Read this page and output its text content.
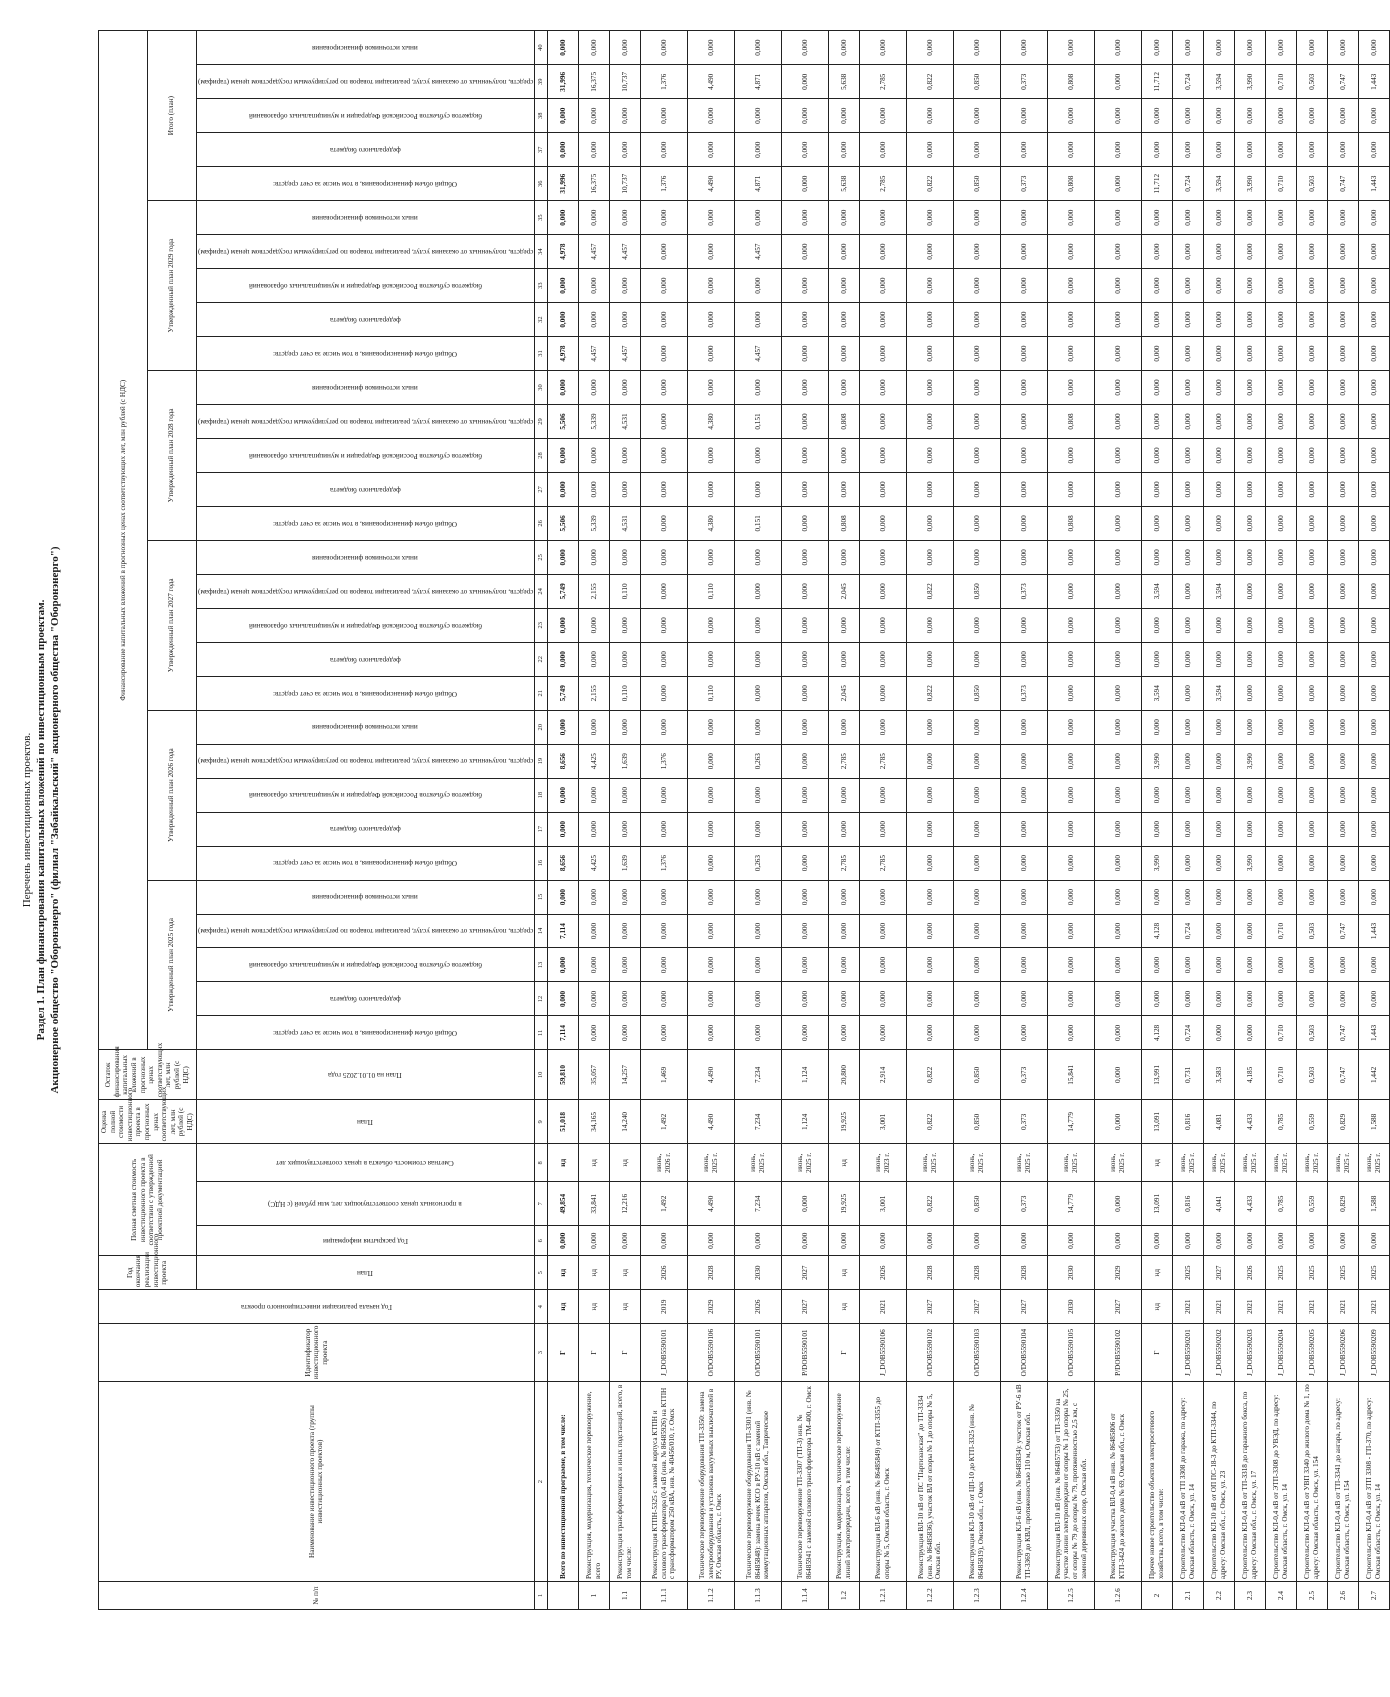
Перечень инвестиционных проектов. Раздел 1. План финансирования капитальных вложений по инвестиционным проектам. Акционерное общество "Оборонэнерго" (филиал "Забайкальский" акционерного общества "Оборонэнерго")
№ п/п	Наименование инвестиционного проекта (группы инвестиционных проектов)	Идентификатор инвестиционного проекта	Год начала реализации инвестиционного проекта	Год окончания реализации инвестиционного проекта	Полная сметная стоимость инвестиционного проекта в соответствии с утвержденной проектной документацией			Оценка полной стоимости инвестиционного проекта в прогнозных ценах соответствующих лет, млн рублей (с НДС)	Остаток финансирования капитальных вложений в прогнозных ценах соответствующих лет, млн рублей (с НДС)	Финансирование капитальных вложений в прогнозных ценах соответствующих лет, млн рублей (с НДС)																													
										Утвержденный план 2025 года					Утвержденный план 2026 года					Утвержденный план 2027 года					Утвержденный план 2028 года					Утвержденный план 2029 года					Итого (план)				

				План	Год раскрытия информации	в прогнозных ценах соответствующих лет, млн рублей (с НДС)	Сметная стоимость объекта в ценах соответствующих лет	План	План на 01.01.2025 года	Общий объем финансирования, в том числе за счет средств:	федерального бюджета	бюджетов субъектов Российской Федерации и муниципальных образований	средств, полученных от оказания услуг, реализации товаров по регулируемым государством ценам (тарифам)	иных источников финансирования	Общий объем финансирования, в том числе за счет средств:	федерального бюджета	бюджетов субъектов Российской Федерации и муниципальных образований	средств, полученных от оказания услуг, реализации товаров по регулируемым государством ценам (тарифам)	иных источников финансирования	Общий объем финансирования, в том числе за счет средств:	федерального бюджета	бюджетов субъектов Российской Федерации и муниципальных образований	средств, полученных от оказания услуг, реализации товаров по регулируемым государством ценам (тарифам)	иных источников финансирования	Общий объем финансирования, в том числе за счет средств:	федерального бюджета	бюджетов субъектов Российской Федерации и муниципальных образований	средств, полученных от оказания услуг, реализации товаров по регулируемым государством ценам (тарифам)	иных источников финансирования	Общий объем финансирования, в том числе за счет средств:	федерального бюджета	бюджетов субъектов Российской Федерации и муниципальных образований	средств, полученных от оказания услуг, реализации товаров по регулируемым государством ценам (тарифам)	иных источников финансирования	Общий объем финансирования, в том числе за счет средств:	федерального бюджета	бюджетов субъектов Российской Федерации и муниципальных образований	средств, полученных от оказания услуг, реализации товаров по регулируемым государством ценам (тарифам)	иных источников финансирования

1	2	3	4	5	6	7	8	9	10	11	12	13	14	15	16	17	18	19	20	21	22	23	24	25	26	27	28	29	30	31	32	33	34	35	36	37	38	39	40
	Всего по инвестиционной программе, в том числе:	Г	нд	нд	0,000	49,854	нд	51,018	59,810	7,114	0,000	0,000	7,114	0,000	8,656	0,000	0,000	8,656	0,000	5,749	0,000	0,000	5,749	0,000	5,506	0,000	0,000	5,506	0,000	4,978	0,000	0,000	4,978	0,000	31,996	0,000	0,000	31,996	0,000
1	Реконструкция, модернизация, техническое перевооружение, всего	Г	нд	нд	0,000	33,841	нд	34,165	35,057	0,000	0,000	0,000	0,000	0,000	4,425	0,000	0,000	4,425	0,000	2,155	0,000	0,000	2,155	0,000	5,339	0,000	0,000	5,339	0,000	4,457	0,000	0,000	4,457	0,000	16,375	0,000	0,000	16,375	0,000
1.1	Реконструкция трансформаторных и иных подстанций, всего, в том числе:	Г	нд	нд	0,000	12,216	нд	14,240	14,257	0,000	0,000	0,000	0,000	0,000	1,639	0,000	0,000	1,639	0,000	0,110	0,000	0,000	0,110	0,000	4,531	0,000	0,000	4,531	0,000	4,457	0,000	0,000	4,457	0,000	10,737	0,000	0,000	10,737	0,000
1.1.1	Реконструкция КТПН-5325 с заменой корпуса КТПН и силового трансформатора (0,4 кВ (инв. № 86485926) на КТПН с трансформатором 250 кВА, инв. № 40456/010, г. Омск	J_DOB5590101	2019	2026	0,000	1,492	июнь, 2026 г.	1,492	1,469	0,000	0,000	0,000	0,000	0,000	1,376	0,000	0,000	1,376	0,000	0,000	0,000	0,000	0,000	0,000	0,000	0,000	0,000	0,000	0,000	0,000	0,000	0,000	0,000	0,000	1,376	0,000	0,000	1,376	0,000
1.1.2	Техническое перевооружение оборудования ТП-3350: замена электрооборудования и установка вакуумных выключателей в РУ, Омская область, г. Омск	О/DOB5590106	2029	2028	0,000	4,490	июнь, 2025 г.	4,490	4,490	0,000	0,000	0,000	0,000	0,000	0,000	0,000	0,000	0,000	0,000	0,110	0,000	0,000	0,110	0,000	4,380	0,000	0,000	4,380	0,000	0,000	0,000	0,000	0,000	0,000	4,490	0,000	0,000	4,490	0,000
1.1.3	Техническое перевооружение оборудования ТП-3301 (инв. № 86485848): замена ячеек КСО в РУ-10 кВ с заменой коммутационных аппаратов, Омская обл., Таврическое	О/DOB5590101	2026	2030	0,000	7,234	июнь, 2025 г.	7,234	7,234	0,000	0,000	0,000	0,000	0,000	0,263	0,000	0,000	0,263	0,000	0,000	0,000	0,000	0,000	0,000	0,151	0,000	0,000	0,151	0,000	4,457	0,000	0,000	4,457	0,000	4,871	0,000	0,000	4,871	0,000
1.1.4	Техническое перевооружение ТП-3307 (ТП-3) инв. № 86485941 с заменой силового трансформатора ТМ-400, г. Омск	Р/DOB5590101	2027	2027	0,000	0,000	июнь, 2025 г.	1,124	1,124	0,000	0,000	0,000	0,000	0,000	0,000	0,000	0,000	0,000	0,000	0,000	0,000	0,000	0,000	0,000	0,000	0,000	0,000	0,000	0,000	0,000	0,000	0,000	0,000	0,000	0,000	0,000	0,000	0,000	0,000
1.2	Реконструкция, модернизация, техническое перевооружение линий электропередачи, всего, в том числе:	Г	нд	нд	0,000	19,925	нд	19,925	20,800	0,000	0,000	0,000	0,000	0,000	2,785	0,000	0,000	2,785	0,000	2,045	0,000	0,000	2,045	0,000	0,808	0,000	0,000	0,808	0,000	0,000	0,000	0,000	0,000	0,000	5,638	0,000	0,000	5,638	0,000
1.2.1	Реконструкция ВЛ-6 кВ (инв. № 86485849) от КТП-3355 до опоры № 5, Омская область, г. Омск	J_DOB5590106	2021	2026	0,000	3,001	июнь, 2023 г.	3,001	2,914	0,000	0,000	0,000	0,000	0,000	2,785	0,000	0,000	2,785	0,000	0,000	0,000	0,000	0,000	0,000	0,000	0,000	0,000	0,000	0,000	0,000	0,000	0,000	0,000	0,000	2,785	0,000	0,000	2,785	0,000
1.2.2	Реконструкция ВЛ-10 кВ от ПС "Партизанская" до ТП-3334 (инв. № 86485836), участок ВЛ от опоры № 1 до опоры № 5, Омская обл.	О/DOB5590102	2027	2028	0,000	0,822	июнь, 2025 г.	0,822	0,822	0,000	0,000	0,000	0,000	0,000	0,000	0,000	0,000	0,000	0,000	0,822	0,000	0,000	0,822	0,000	0,000	0,000	0,000	0,000	0,000	0,000	0,000	0,000	0,000	0,000	0,822	0,000	0,000	0,822	0,000
1.2.3	Реконструкция КЛ-10 кВ от ЦП-10 до КТП-3325 (инв. № 86485819), Омская обл., г. Омск	О/DOB5590103	2027	2028	0,000	0,850	июнь, 2025 г.	0,850	0,850	0,000	0,000	0,000	0,000	0,000	0,000	0,000	0,000	0,000	0,000	0,850	0,000	0,000	0,850	0,000	0,000	0,000	0,000	0,000	0,000	0,000	0,000	0,000	0,000	0,000	0,850	0,000	0,000	0,850	0,000
1.2.4	Реконструкция КЛ-6 кВ (инв. № 86485834): участок от РУ-6 кВ ТП-3369 до КВЛ, протяженностью 110 м, Омская обл.	О/DOB5590104	2027	2028	0,000	0,373	июнь, 2025 г.	0,373	0,373	0,000	0,000	0,000	0,000	0,000	0,000	0,000	0,000	0,000	0,000	0,373	0,000	0,000	0,373	0,000	0,000	0,000	0,000	0,000	0,000	0,000	0,000	0,000	0,000	0,000	0,373	0,000	0,000	0,373	0,000
1.2.5	Реконструкция ВЛ-10 кВ (инв. № 86485753) от ТП-3350 на участке линии электропередачи от опоры № 1 до опоры № 25, от опоры № 79 до опоры № 79, протяженностью 2,5 км, с заменой деревянных опор, Омская обл.	О/DOB5590105	2030	2030	0,000	14,779	июнь, 2025 г.	14,779	15,841	0,000	0,000	0,000	0,000	0,000	0,000	0,000	0,000	0,000	0,000	0,000	0,000	0,000	0,000	0,000	0,808	0,000	0,000	0,808	0,000	0,000	0,000	0,000	0,000	0,000	0,808	0,000	0,000	0,808	0,000
1.2.6	Реконструкция участка ВЛ-0,4 кВ инв. № 86485806 от КТП-3424 до жилого дома № 69, Омская обл., г. Омск	Р/DOB5590102	2027	2029	0,000	0,000	июнь, 2025 г.	0,000	0,000	0,000	0,000	0,000	0,000	0,000	0,000	0,000	0,000	0,000	0,000	0,000	0,000	0,000	0,000	0,000	0,000	0,000	0,000	0,000	0,000	0,000	0,000	0,000	0,000	0,000	0,000	0,000	0,000	0,000	0,000
2	Прочее новое строительство объектов электросетевого хозяйства, всего, в том числе:	Г	нд	нд	0,000	13,091	нд	13,091	13,991	4,128	0,000	0,000	4,128	0,000	3,990	0,000	0,000	3,990	0,000	3,594	0,000	0,000	3,594	0,000	0,000	0,000	0,000	0,000	0,000	0,000	0,000	0,000	0,000	0,000	11,712	0,000	0,000	11,712	0,000
2.1	Строительство КЛ-0,4 кВ от ТП 3308 до гаража, по адресу: Омская область, г. Омск, ул. 14	J_DOB5590201	2021	2025	0,000	0,816	июнь, 2025 г.	0,816	0,731	0,724	0,000	0,000	0,724	0,000	0,000	0,000	0,000	0,000	0,000	0,000	0,000	0,000	0,000	0,000	0,000	0,000	0,000	0,000	0,000	0,000	0,000	0,000	0,000	0,000	0,724	0,000	0,000	0,724	0,000
2.2	Строительство КЛ-10 кВ от ОП ПС-18-3 до КТП-3344, по адресу: Омская обл., г. Омск, ул. 23	J_DOB5590202	2021	2027	0,000	4,041	июнь, 2025 г.	4,081	3,583	0,000	0,000	0,000	0,000	0,000	0,000	0,000	0,000	0,000	0,000	3,594	0,000	0,000	3,594	0,000	0,000	0,000	0,000	0,000	0,000	0,000	0,000	0,000	0,000	0,000	3,594	0,000	0,000	3,594	0,000
2.3	Строительство КЛ-0,4 кВ от ТП-3318 до гаражного бокса, по адресу: Омская обл., г. Омск, ул. 17	J_DOB5590203	2021	2026	0,000	4,433	июнь, 2025 г.	4,433	4,185	0,000	0,000	0,000	0,000	0,000	3,990	0,000	0,000	3,990	0,000	0,000	0,000	0,000	0,000	0,000	0,000	0,000	0,000	0,000	0,000	0,000	0,000	0,000	0,000	0,000	3,990	0,000	0,000	3,990	0,000
2.4	Строительство КЛ-0,4 кВ от ЭТП-3308 до УВЭД, по адресу: Омская область, г. Омск, ул. 14	J_DOB5590204	2021	2025	0,000	0,785	июнь, 2025 г.	0,785	0,710	0,710	0,000	0,000	0,710	0,000	0,000	0,000	0,000	0,000	0,000	0,000	0,000	0,000	0,000	0,000	0,000	0,000	0,000	0,000	0,000	0,000	0,000	0,000	0,000	0,000	0,710	0,000	0,000	0,710	0,000
2.5	Строительство КЛ-0,4 кВ от УВП 3340 до жилого дома № 1, по адресу: Омская область, г. Омск, ул. 154	J_DOB5590205	2021	2025	0,000	0,559	июнь, 2025 г.	0,559	0,503	0,503	0,000	0,000	0,503	0,000	0,000	0,000	0,000	0,000	0,000	0,000	0,000	0,000	0,000	0,000	0,000	0,000	0,000	0,000	0,000	0,000	0,000	0,000	0,000	0,000	0,503	0,000	0,000	0,503	0,000
2.6	Строительство КЛ-0,4 кВ от ТП-3341 до ангара, по адресу: Омская область, г. Омск, ул. 154	J_DOB5590206	2021	2025	0,000	0,829	июнь, 2025 г.	0,829	0,747	0,747	0,000	0,000	0,747	0,000	0,000	0,000	0,000	0,000	0,000	0,000	0,000	0,000	0,000	0,000	0,000	0,000	0,000	0,000	0,000	0,000	0,000	0,000	0,000	0,000	0,747	0,000	0,000	0,747	0,000
2.7	Строительство КЛ-0,4 кВ от ЗТП 3308 - ГП-370, по адресу: Омская область, г. Омск, ул. 14	J_DOB5590209	2021	2025	0,000	1,588	июнь, 2025 г.	1,588	1,442	1,443	0,000	0,000	1,443	0,000	0,000	0,000	0,000	0,000	0,000	0,000	0,000	0,000	0,000	0,000	0,000	0,000	0,000	0,000	0,000	0,000	0,000	0,000	0,000	0,000	1,443	0,000	0,000	1,443	0,000
